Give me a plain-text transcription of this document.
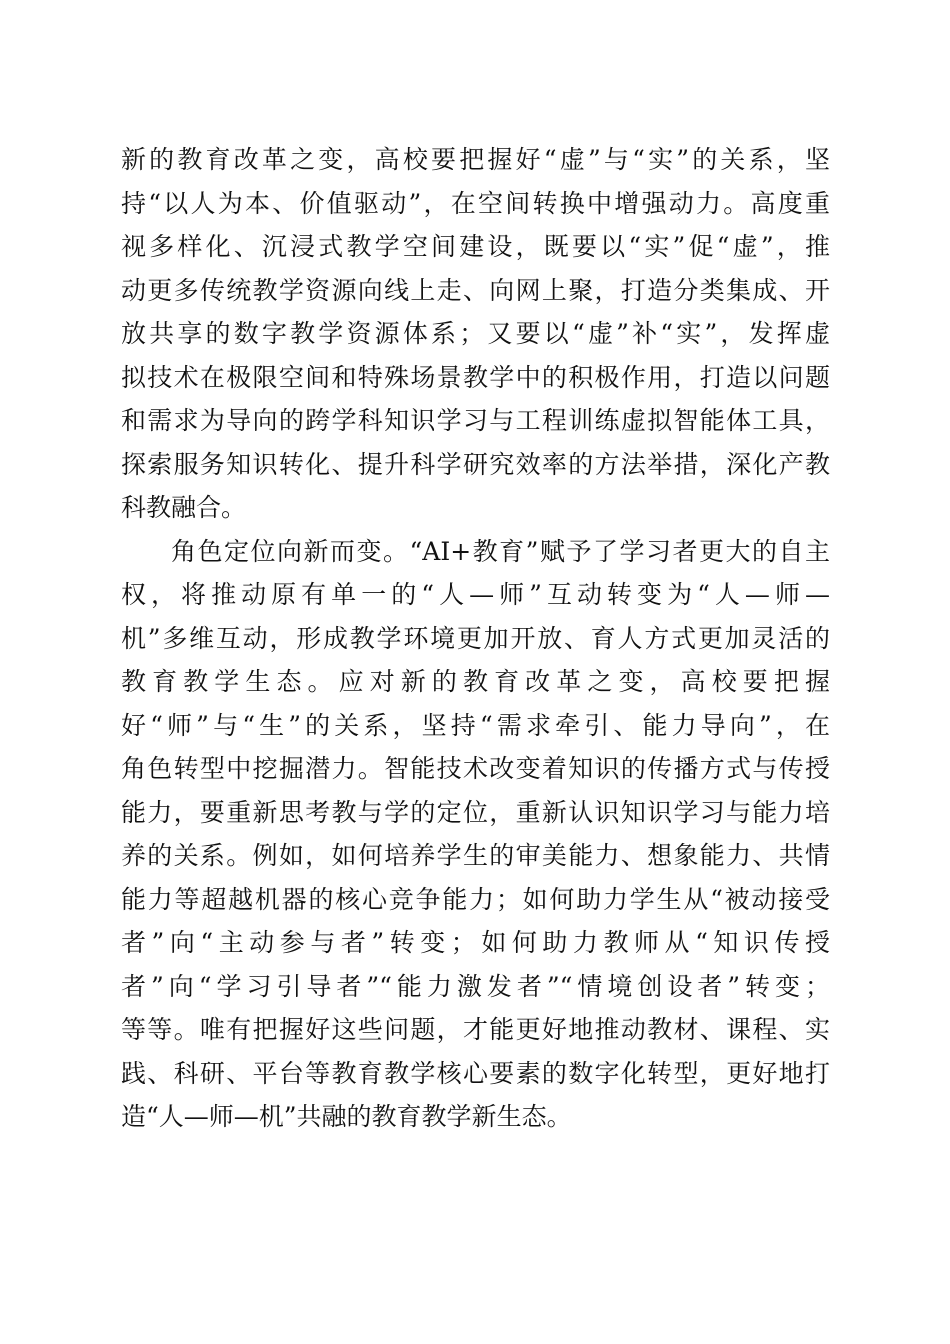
新的教育改革之变，高校要把握好“虚”与“实”的关系，坚
持“以人为本、价值驱动”，在空间转换中增强动力。高度重
视多样化、沉浸式教学空间建设，既要以“实”促“虚”，推
动更多传统教学资源向线上走、向网上聚，打造分类集成、开
放共享的数字教学资源体系；又要以“虚”补“实”，发挥虚
拟技术在极限空间和特殊场景教学中的积极作用，打造以问题
和需求为导向的跨学科知识学习与工程训练虚拟智能体工具，
探索服务知识转化、提升科学研究效率的方法举措，深化产教
科教融合。
角色定位向新而变。“AI+教育”赋予了学习者更大的自主
权，将推动原有单一的“人—师”互动转变为“人—师—
机”多维互动，形成教学环境更加开放、育人方式更加灵活的
教育教学生态。应对新的教育改革之变，高校要把握
好“师”与“生”的关系，坚持“需求牵引、能力导向”，在
角色转型中挖掘潜力。智能技术改变着知识的传播方式与传授
能力，要重新思考教与学的定位，重新认识知识学习与能力培
养的关系。例如，如何培养学生的审美能力、想象能力、共情
能力等超越机器的核心竞争能力；如何助力学生从“被动接受
者”向“主动参与者”转变；如何助力教师从“知识传授
者”向“学习引导者”“能力激发者”“情境创设者”转变；
等等。唯有把握好这些问题，才能更好地推动教材、课程、实
践、科研、平台等教育教学核心要素的数字化转型，更好地打
造“人—师—机”共融的教育教学新生态。
